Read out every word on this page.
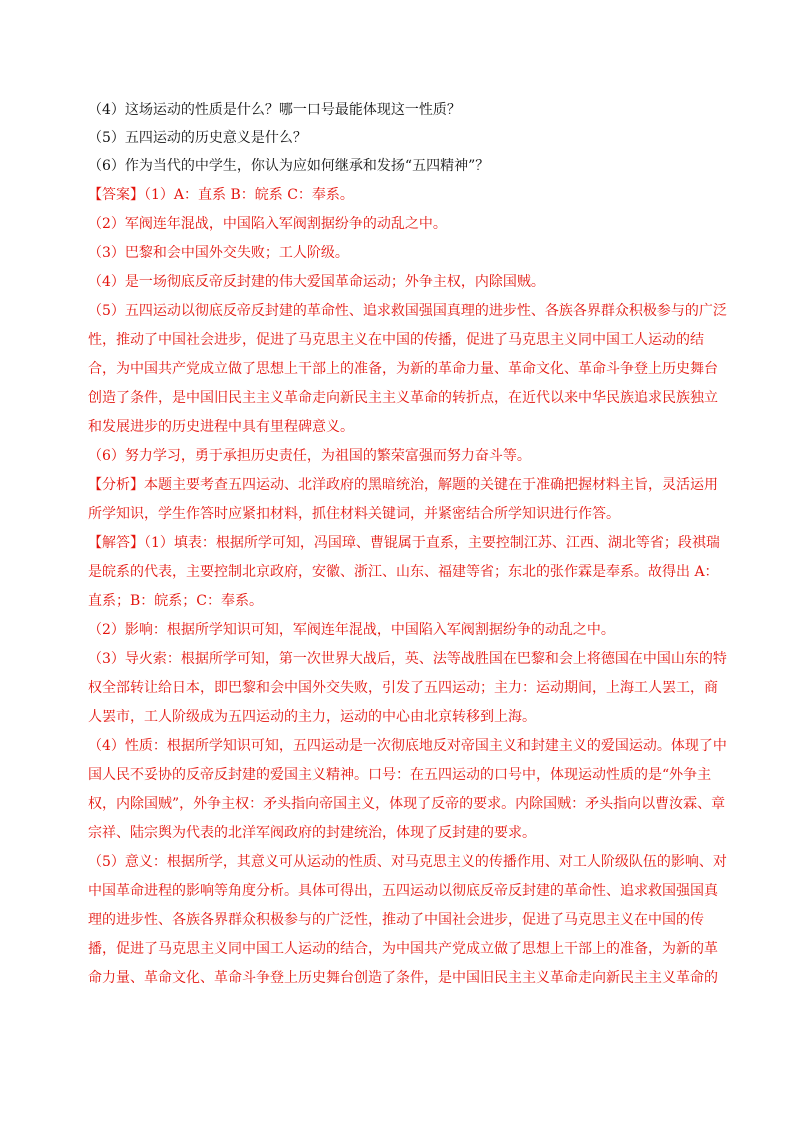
（4）这场运动的性质是什么？哪一口号最能体现这一性质？

（5）五四运动的历史意义是什么？

（6）作为当代的中学生，你认为应如何继承和发扬“五四精神”？

【答案】（1）A：直系 B：皖系 C：奉系。

（2）军阀连年混战，中国陷入军阀割据纷争的动乱之中。

（3）巴黎和会中国外交失败；工人阶级。

（4）是一场彻底反帝反封建的伟大爱国革命运动；外争主权，内除国贼。

（5）五四运动以彻底反帝反封建的革命性、追求救国强国真理的进步性、各族各界群众积极参与的广泛性，推动了中国社会进步，促进了马克思主义在中国的传播，促进了马克思主义同中国工人运动的结合，为中国共产党成立做了思想上干部上的准备，为新的革命力量、革命文化、革命斗争登上历史舞台创造了条件，是中国旧民主主义革命走向新民主主义革命的转折点，在近代以来中华民族追求民族独立和发展进步的历史进程中具有里程碑意义。

（6）努力学习，勇于承担历史责任，为祖国的繁荣富强而努力奋斗等。

【分析】本题主要考查五四运动、北洋政府的黑暗统治，解题的关键在于准确把握材料主旨，灵活运用所学知识，学生作答时应紧扣材料，抓住材料关键词，并紧密结合所学知识进行作答。

【解答】（1）填表：根据所学可知，冯国璋、曹锟属于直系，主要控制江苏、江西、湖北等省；段祺瑞是皖系的代表，主要控制北京政府，安徽、浙江、山东、福建等省；东北的张作霖是奉系。故得出 A：直系；B：皖系；C：奉系。

（2）影响：根据所学知识可知，军阀连年混战，中国陷入军阀割据纷争的动乱之中。

（3）导火索：根据所学可知，第一次世界大战后，英、法等战胜国在巴黎和会上将德国在中国山东的特权全部转让给日本，即巴黎和会中国外交失败，引发了五四运动；主力：运动期间，上海工人罢工，商人罢市，工人阶级成为五四运动的主力，运动的中心由北京转移到上海。

（4）性质：根据所学知识可知，五四运动是一次彻底地反对帝国主义和封建主义的爱国运动。体现了中国人民不妥协的反帝反封建的爱国主义精神。口号：在五四运动的口号中，体现运动性质的是“外争主权，内除国贼”，外争主权：矛头指向帝国主义，体现了反帝的要求。内除国贼：矛头指向以曹汝霖、章宗祥、陆宗舆为代表的北洋军阀政府的封建统治，体现了反封建的要求。

（5）意义：根据所学，其意义可从运动的性质、对马克思主义的传播作用、对工人阶级队伍的影响、对中国革命进程的影响等角度分析。具体可得出，五四运动以彻底反帝反封建的革命性、追求救国强国真理的进步性、各族各界群众积极参与的广泛性，推动了中国社会进步，促进了马克思主义在中国的传播，促进了马克思主义同中国工人运动的结合，为中国共产党成立做了思想上干部上的准备，为新的革命力量、革命文化、革命斗争登上历史舞台创造了条件，是中国旧民主主义革命走向新民主主义革命的
